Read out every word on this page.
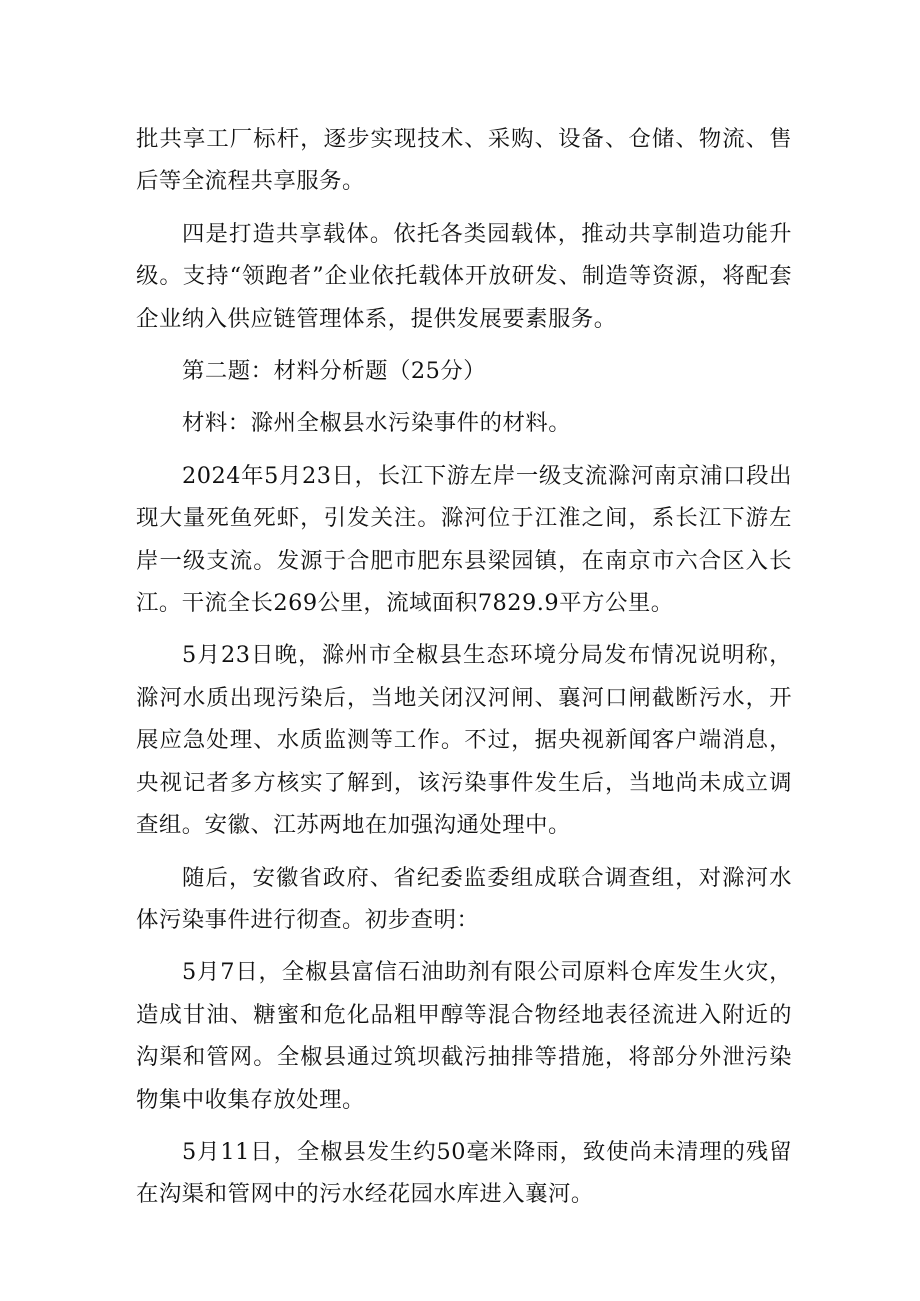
批共享工厂标杆，逐步实现技术、采购、设备、仓储、物流、售后等全流程共享服务。

四是打造共享载体。依托各类园载体，推动共享制造功能升级。支持“领跑者”企业依托载体开放研发、制造等资源，将配套企业纳入供应链管理体系，提供发展要素服务。

第二题：材料分析题（25分）

材料：滁州全椒县水污染事件的材料。

2024年5月23日，长江下游左岸一级支流滁河南京浦口段出现大量死鱼死虾，引发关注。滁河位于江淮之间，系长江下游左岸一级支流。发源于合肥市肥东县梁园镇，在南京市六合区入长江。干流全长269公里，流域面积7829.9平方公里。

5月23日晚，滁州市全椒县生态环境分局发布情况说明称，滁河水质出现污染后，当地关闭汉河闸、襄河口闸截断污水，开展应急处理、水质监测等工作。不过，据央视新闻客户端消息，央视记者多方核实了解到，该污染事件发生后，当地尚未成立调查组。安徽、江苏两地在加强沟通处理中。

随后，安徽省政府、省纪委监委组成联合调查组，对滁河水体污染事件进行彻查。初步查明：

5月7日，全椒县富信石油助剂有限公司原料仓库发生火灾，造成甘油、糖蜜和危化品粗甲醇等混合物经地表径流进入附近的沟渠和管网。全椒县通过筑坝截污抽排等措施，将部分外泄污染物集中收集存放处理。

5月11日，全椒县发生约50毫米降雨，致使尚未清理的残留在沟渠和管网中的污水经花园水库进入襄河。
